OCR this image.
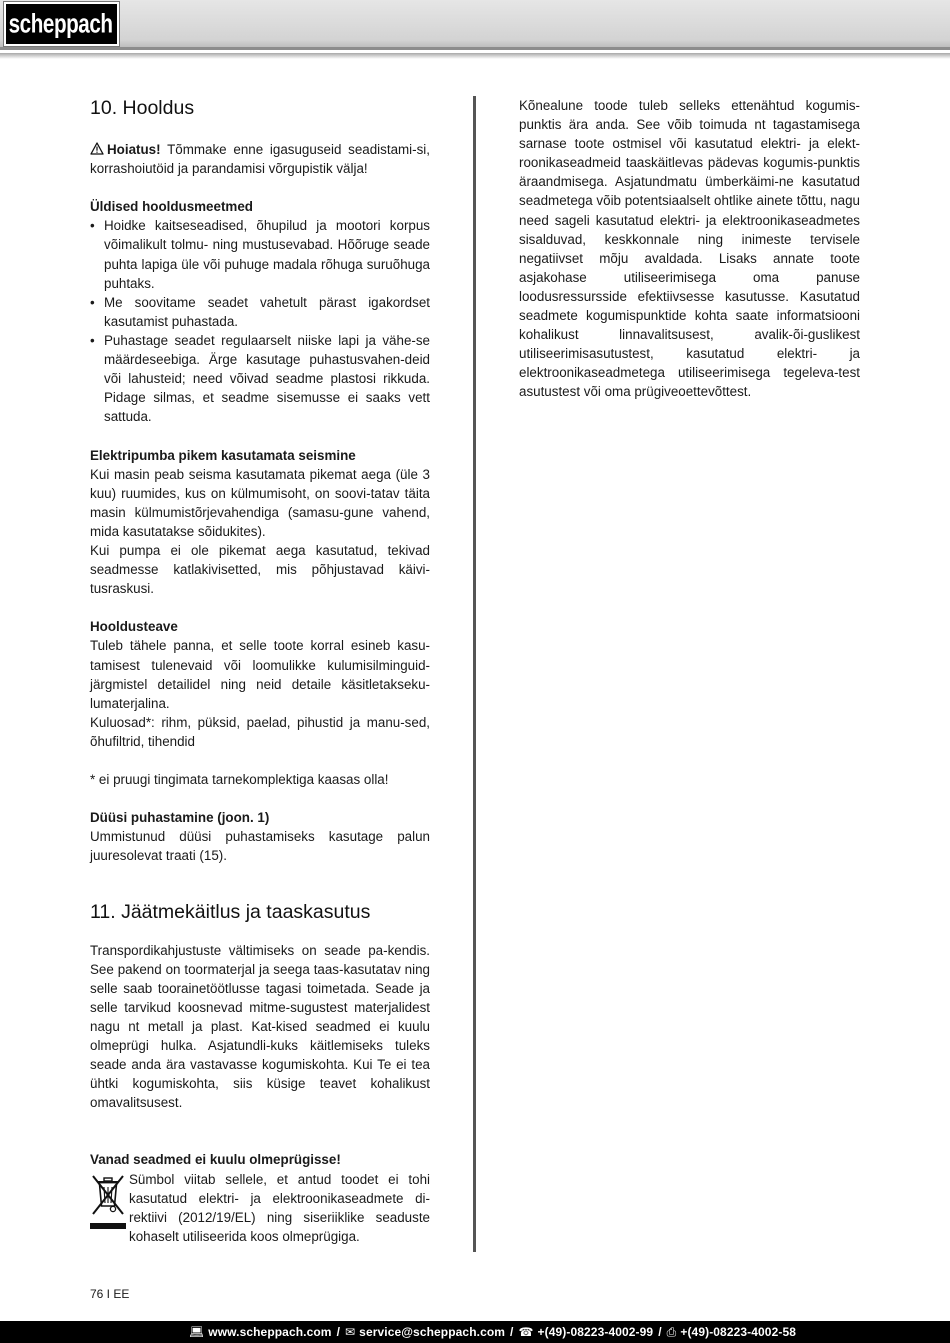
scheppach
10. Hooldus
Hoiatus! Tõmmake enne igasuguseid seadistami-si, korrashoiutöid ja parandamisi võrgupistik välja!
Üldised hooldusmeetmed
• Hoidke kaitseseadised, õhupilud ja mootori korpus võimalikult tolmu- ning mustusevabad. Hõõruge seade puhta lapiga üle või puhuge madala rõhuga suruõhuga puhtaks.
• Me soovitame seadet vahetult pärast igakordset kasutamist puhastada.
• Puhastage seadet regulaarselt niiske lapi ja vähe-se määrdeseebiga. Ärge kasutage puhastusvahen-deid või lahusteid; need võivad seadme plastosi rikkuda. Pidage silmas, et seadme sisemusse ei saaks vett sattuda.
Elektripumba pikem kasutamata seismine
Kui masin peab seisma kasutamata pikemat aega (üle 3 kuu) ruumides, kus on külmumisoht, on soovi-tatav täita masin külmumistõrjevahendiga (samasu-gune vahend, mida kasutatakse sõidukites).
Kui pumpa ei ole pikemat aega kasutatud, tekivad seadmesse katlakivisetted, mis põhjustavad käivi-tusraskusi.
Hooldusteave
Tuleb tähele panna, et selle toote korral esineb kasu-tamisest tulenevaid või loomulikke kulumisilminguid-järgmistel detailidel ning neid detaile käsitletakseku-lumaterjalina.
Kuluosad*: rihm, püksid, paelad, pihustid ja manu-sed, õhufiltrid, tihendid
* ei pruugi tingimata tarnekomplektiga kaasas olla!
Düüsi puhastamine (joon. 1)
Ummistunud düüsi puhastamiseks kasutage palun juuresolevat traati (15).
11. Jäätmekäitlus ja taaskasutus
Transpordikahjustuste vältimiseks on seade pa-kendis. See pakend on toormaterjal ja seega taas-kasutatav ning selle saab toorainetöötlusse tagasi toimetada. Seade ja selle tarvikud koosnevad mitme-sugustest materjalidest nagu nt metall ja plast. Kat-kised seadmed ei kuulu olmeprügi hulka. Asjatundli-kuks käitlemiseks tuleks seade anda ära vastavasse kogumiskohta. Kui Te ei tea ühtki kogumiskohta, siis küsige teavet kohalikust omavalitsusest.
Vanad seadmed ei kuulu olmeprügisse!
Sümbol viitab sellele, et antud toodet ei tohi kasutatud elektri- ja elektroonikaseadmete di-rektiivi (2012/19/EL) ning siseriiklike seaduste kohaselt utiliseerida koos olmeprügiga.
Kõnealune toode tuleb selleks ettenähtud kogumis-punktis ära anda. See võib toimuda nt tagastamisega sarnase toote ostmisel või kasutatud elektri- ja elekt-roonikaseadmeid taaskäitlevas pädevas kogumis-punktis äraandmisega. Asjatundmatu ümberkäimi-ne kasutatud seadmetega võib potentsiaalselt ohtlike ainete tõttu, nagu need sageli kasutatud elektri- ja elektroonikaseadmetes sisalduvad, keskkonnale ning inimeste tervisele negatiivset mõju avaldada. Lisaks annate toote asjakohase utiliseerimisega oma panuse loodusressursside efektiivsesse kasutusse. Kasutatud seadmete kogumispunktide kohta saate informatsiooni kohalikust linnavalitsusest, avalik-õi-guslikest utiliseerimisasutustest, kasutatud elektri- ja elektroonikaseadmetega utiliseerimisega tegeleva-test asutustest või oma prügiveoettevõttest.
76 I EE
💻︎ www.scheppach.com / ✉︎ service@scheppach.com / ☎ +(49)-08223-4002-99 / ⎙ +(49)-08223-4002-58
